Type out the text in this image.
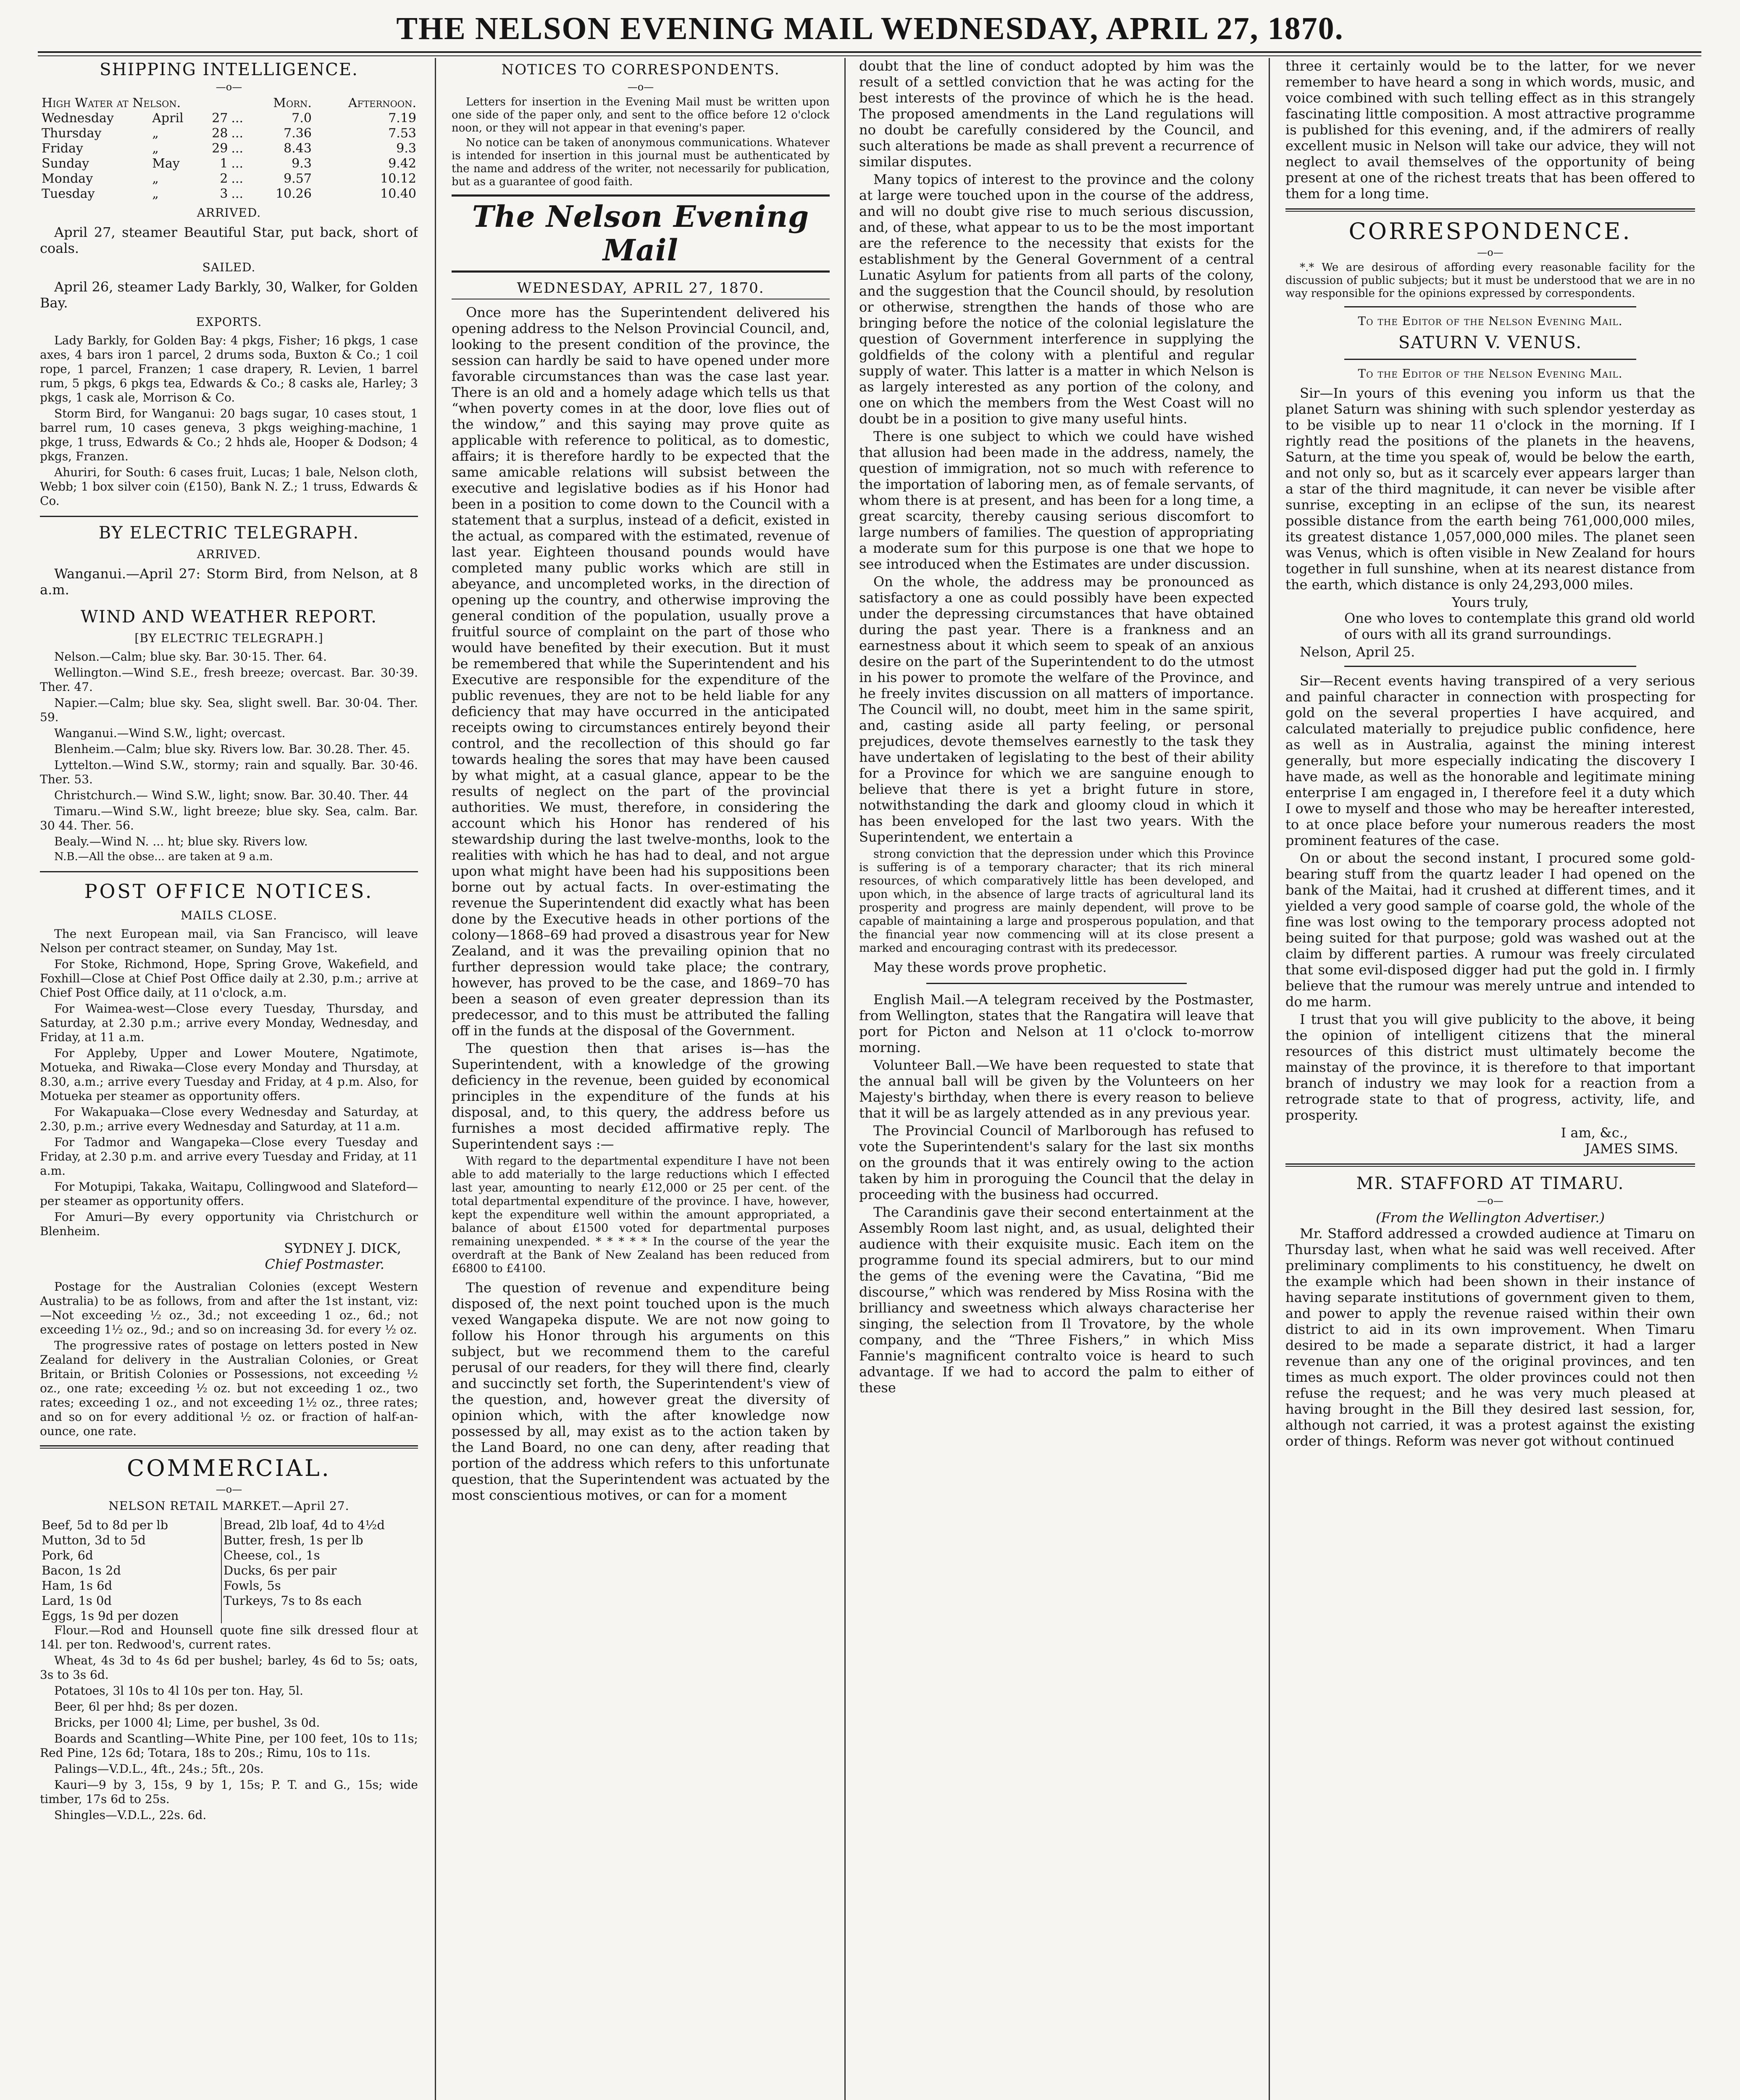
THE NELSON EVENING MAIL WEDNESDAY, APRIL 27, 1870.
SHIPPING INTELLIGENCE.
—o—
High Water at Nelson.				Morn.	Afternoon.
Wednesday	April	27	...	7.0	7.19
Thursday	„	28	...	7.36	7.53
Friday	„	29	...	8.43	9.3
Sunday	May	1	...	9.3	9.42
Monday	„	2	...	9.57	10.12
Tuesday	„	3	...	10.26	10.40
ARRIVED.

April 27, steamer Beautiful Star, put back, short of coals.

SAILED.

April 26, steamer Lady Barkly, 30, Walker, for Golden Bay.

EXPORTS.

Lady Barkly, for Golden Bay: 4 pkgs, Fisher; 16 pkgs, 1 case axes, 4 bars iron 1 parcel, 2 drums soda, Buxton & Co.; 1 coil rope, 1 parcel, Franzen; 1 case drapery, R. Levien, 1 barrel rum, 5 pkgs, 6 pkgs tea, Edwards & Co.; 8 casks ale, Harley; 3 pkgs, 1 cask ale, Morrison & Co.

Storm Bird, for Wanganui: 20 bags sugar, 10 cases stout, 1 barrel rum, 10 cases geneva, 3 pkgs weighing-machine, 1 pkge, 1 truss, Edwards & Co.; 2 hhds ale, Hooper & Dodson; 4 pkgs, Franzen.

Ahuriri, for South: 6 cases fruit, Lucas; 1 bale, Nelson cloth, Webb; 1 box silver coin (£150), Bank N. Z.; 1 truss, Edwards & Co.

BY ELECTRIC TELEGRAPH.
ARRIVED.

Wanganui.—April 27: Storm Bird, from Nelson, at 8 a.m.

WIND AND WEATHER REPORT.
[BY ELECTRIC TELEGRAPH.]

Nelson.—Calm; blue sky. Bar. 30·15. Ther. 64.

Wellington.—Wind S.E., fresh breeze; overcast. Bar. 30·39. Ther. 47.

Napier.—Calm; blue sky. Sea, slight swell. Bar. 30·04. Ther. 59.

Wanganui.—Wind S.W., light; overcast.

Blenheim.—Calm; blue sky. Rivers low. Bar. 30.28. Ther. 45.

Lyttelton.—Wind S.W., stormy; rain and squally. Bar. 30·46. Ther. 53.

Christchurch.— Wind S.W., light; snow. Bar. 30.40. Ther. 44

Timaru.—Wind S.W., light breeze; blue sky. Sea, calm. Bar. 30 44. Ther. 56.

Bealy.—Wind N. ... ht; blue sky. Rivers low.

N.B.—All the obse... are taken at 9 a.m.

POST OFFICE NOTICES.
MAILS CLOSE.

The next European mail, via San Francisco, will leave Nelson per contract steamer, on Sunday, May 1st.

For Stoke, Richmond, Hope, Spring Grove, Wakefield, and Foxhill—Close at Chief Post Office daily at 2.30, p.m.; arrive at Chief Post Office daily, at 11 o'clock, a.m.

For Waimea-west—Close every Tuesday, Thursday, and Saturday, at 2.30 p.m.; arrive every Monday, Wednesday, and Friday, at 11 a.m.

For Appleby, Upper and Lower Moutere, Ngatimote, Motueka, and Riwaka—Close every Monday and Thursday, at 8.30, a.m.; arrive every Tuesday and Friday, at 4 p.m. Also, for Motueka per steamer as opportunity offers.

For Wakapuaka—Close every Wednesday and Saturday, at 2.30, p.m.; arrive every Wednesday and Saturday, at 11 a.m.

For Tadmor and Wangapeka—Close every Tuesday and Friday, at 2.30 p.m. and arrive every Tuesday and Friday, at 11 a.m.

For Motupipi, Takaka, Waitapu, Collingwood and Slateford—per steamer as opportunity offers.

For Amuri—By every opportunity via Christchurch or Blenheim.

SYDNEY J. DICK,
Chief Postmaster.

Postage for the Australian Colonies (except Western Australia) to be as follows, from and after the 1st instant, viz:—Not exceeding ½ oz., 3d.; not exceeding 1 oz., 6d.; not exceeding 1½ oz., 9d.; and so on increasing 3d. for every ½ oz.

The progressive rates of postage on letters posted in New Zealand for delivery in the Australian Colonies, or Great Britain, or British Colonies or Possessions, not exceeding ½ oz., one rate; exceeding ½ oz. but not exceeding 1 oz., two rates; exceeding 1 oz., and not exceeding 1½ oz., three rates; and so on for every additional ½ oz. or fraction of half-an-ounce, one rate.

COMMERCIAL.
—o—
NELSON RETAIL MARKET.—April 27.
Beef, 5d to 8d per lb	Bread, 2lb loaf, 4d to 4½d
Mutton, 3d to 5d	Butter, fresh, 1s per lb
Pork, 6d	Cheese, col., 1s
Bacon, 1s 2d	Ducks, 6s per pair
Ham, 1s 6d	Fowls, 5s
Lard, 1s 0d	Turkeys, 7s to 8s each
Eggs, 1s 9d per dozen	

Flour.—Rod and Hounsell quote fine silk dressed flour at 14l. per ton. Redwood's, current rates.

Wheat, 4s 3d to 4s 6d per bushel; barley, 4s 6d to 5s; oats, 3s to 3s 6d.

Potatoes, 3l 10s to 4l 10s per ton. Hay, 5l.

Beer, 6l per hhd; 8s per dozen.

Bricks, per 1000 4l; Lime, per bushel, 3s 0d.

Boards and Scantling—White Pine, per 100 feet, 10s to 11s; Red Pine, 12s 6d; Totara, 18s to 20s.; Rimu, 10s to 11s.

Palings—V.D.L., 4ft., 24s.; 5ft., 20s.

Kauri—9 by 3, 15s, 9 by 1, 15s; P. T. and G., 15s; wide timber, 17s 6d to 25s.

Shingles—V.D.L., 22s. 6d.

NOTICES TO CORRESPONDENTS.
—o—

Letters for insertion in the Evening Mail must be written upon one side of the paper only, and sent to the office before 12 o'clock noon, or they will not appear in that evening's paper.

No notice can be taken of anonymous communications. Whatever is intended for insertion in this journal must be authenticated by the name and address of the writer, not necessarily for publication, but as a guarantee of good faith.

The Nelson Evening Mail
WEDNESDAY, APRIL 27, 1870.

Once more has the Superintendent delivered his opening address to the Nelson Provincial Council, and, looking to the present condition of the province, the session can hardly be said to have opened under more favorable circumstances than was the case last year. There is an old and a homely adage which tells us that “when poverty comes in at the door, love flies out of the window,” and this saying may prove quite as applicable with reference to political, as to domestic, affairs; it is therefore hardly to be expected that the same amicable relations will subsist between the executive and legislative bodies as if his Honor had been in a position to come down to the Council with a statement that a surplus, instead of a deficit, existed in the actual, as compared with the estimated, revenue of last year. Eighteen thousand pounds would have completed many public works which are still in abeyance, and uncompleted works, in the direction of opening up the country, and otherwise improving the general condition of the population, usually prove a fruitful source of complaint on the part of those who would have benefited by their execution. But it must be remembered that while the Superintendent and his Executive are responsible for the expenditure of the public revenues, they are not to be held liable for any deficiency that may have occurred in the anticipated receipts owing to circumstances entirely beyond their control, and the recollection of this should go far towards healing the sores that may have been caused by what might, at a casual glance, appear to be the results of neglect on the part of the provincial authorities. We must, therefore, in considering the account which his Honor has rendered of his stewardship during the last twelve-months, look to the realities with which he has had to deal, and not argue upon what might have been had his suppositions been borne out by actual facts. In over-estimating the revenue the Superintendent did exactly what has been done by the Executive heads in other portions of the colony—1868–69 had proved a disastrous year for New Zealand, and it was the prevailing opinion that no further depression would take place; the contrary, however, has proved to be the case, and 1869–70 has been a season of even greater depression than its predecessor, and to this must be attributed the falling off in the funds at the disposal of the Government.

The question then that arises is—has the Superintendent, with a knowledge of the growing deficiency in the revenue, been guided by economical principles in the expenditure of the funds at his disposal, and, to this query, the address before us furnishes a most decided affirmative reply. The Superintendent says :—

With regard to the departmental expenditure I have not been able to add materially to the large reductions which I effected last year, amounting to nearly £12,000 or 25 per cent. of the total departmental expenditure of the province. I have, however, kept the expenditure well within the amount appropriated, a balance of about £1500 voted for departmental purposes remaining unexpended. * * * * * In the course of the year the overdraft at the Bank of New Zealand has been reduced from £6800 to £4100.

The question of revenue and expenditure being disposed of, the next point touched upon is the much vexed Wangapeka dispute. We are not now going to follow his Honor through his arguments on this subject, but we recommend them to the careful perusal of our readers, for they will there find, clearly and succinctly set forth, the Superintendent's view of the question, and, however great the diversity of opinion which, with the after knowledge now possessed by all, may exist as to the action taken by the Land Board, no one can deny, after reading that portion of the address which refers to this unfortunate question, that the Superintendent was actuated by the most conscientious motives, or can for a moment

doubt that the line of conduct adopted by him was the result of a settled conviction that he was acting for the best interests of the province of which he is the head. The proposed amendments in the Land regulations will no doubt be carefully considered by the Council, and such alterations be made as shall prevent a recurrence of similar disputes.

Many topics of interest to the province and the colony at large were touched upon in the course of the address, and will no doubt give rise to much serious discussion, and, of these, what appear to us to be the most important are the reference to the necessity that exists for the establishment by the General Government of a central Lunatic Asylum for patients from all parts of the colony, and the suggestion that the Council should, by resolution or otherwise, strengthen the hands of those who are bringing before the notice of the colonial legislature the question of Government interference in supplying the goldfields of the colony with a plentiful and regular supply of water. This latter is a matter in which Nelson is as largely interested as any portion of the colony, and one on which the members from the West Coast will no doubt be in a position to give many useful hints.

There is one subject to which we could have wished that allusion had been made in the address, namely, the question of immigration, not so much with reference to the importation of laboring men, as of female servants, of whom there is at present, and has been for a long time, a great scarcity, thereby causing serious discomfort to large numbers of families. The question of appropriating a moderate sum for this purpose is one that we hope to see introduced when the Estimates are under discussion.

On the whole, the address may be pronounced as satisfactory a one as could possibly have been expected under the depressing circumstances that have obtained during the past year. There is a frankness and an earnestness about it which seem to speak of an anxious desire on the part of the Superintendent to do the utmost in his power to promote the welfare of the Province, and he freely invites discussion on all matters of importance. The Council will, no doubt, meet him in the same spirit, and, casting aside all party feeling, or personal prejudices, devote themselves earnestly to the task they have undertaken of legislating to the best of their ability for a Province for which we are sanguine enough to believe that there is yet a bright future in store, notwithstanding the dark and gloomy cloud in which it has been enveloped for the last two years. With the Superintendent, we entertain a

strong conviction that the depression under which this Province is suffering is of a temporary character; that its rich mineral resources, of which comparatively little has been developed, and upon which, in the absence of large tracts of agricultural land its prosperity and progress are mainly dependent, will prove to be capable of maintaining a large and prosperous population, and that the financial year now commencing will at its close present a marked and encouraging contrast with its predecessor.

May these words prove prophetic.

English Mail.—A telegram received by the Postmaster, from Wellington, states that the Rangatira will leave that port for Picton and Nelson at 11 o'clock to-morrow morning.

Volunteer Ball.—We have been requested to state that the annual ball will be given by the Volunteers on her Majesty's birthday, when there is every reason to believe that it will be as largely attended as in any previous year.

The Provincial Council of Marlborough has refused to vote the Superintendent's salary for the last six months on the grounds that it was entirely owing to the action taken by him in proroguing the Council that the delay in proceeding with the business had occurred.

The Carandinis gave their second entertainment at the Assembly Room last night, and, as usual, delighted their audience with their exquisite music. Each item on the programme found its special admirers, but to our mind the gems of the evening were the Cavatina, “Bid me discourse,” which was rendered by Miss Rosina with the brilliancy and sweetness which always characterise her singing, the selection from Il Trovatore, by the whole company, and the “Three Fishers,” in which Miss Fannie's magnificent contralto voice is heard to such advantage. If we had to accord the palm to either of these

three it certainly would be to the latter, for we never remember to have heard a song in which words, music, and voice combined with such telling effect as in this strangely fascinating little composition. A most attractive programme is published for this evening, and, if the admirers of really excellent music in Nelson will take our advice, they will not neglect to avail themselves of the opportunity of being present at one of the richest treats that has been offered to them for a long time.

CORRESPONDENCE.
—o—

*.* We are desirous of affording every reasonable facility for the discussion of public subjects; but it must be understood that we are in no way responsible for the opinions expressed by correspondents.

To the Editor of the Nelson Evening Mail.
SATURN V. VENUS.
To the Editor of the Nelson Evening Mail.

Sir—In yours of this evening you inform us that the planet Saturn was shining with such splendor yesterday as to be visible up to near 11 o'clock in the morning. If I rightly read the positions of the planets in the heavens, Saturn, at the time you speak of, would be below the earth, and not only so, but as it scarcely ever appears larger than a star of the third magnitude, it can never be visible after sunrise, excepting in an eclipse of the sun, its nearest possible distance from the earth being 761,000,000 miles, its greatest distance 1,057,000,000 miles. The planet seen was Venus, which is often visible in New Zealand for hours together in full sunshine, when at its nearest distance from the earth, which distance is only 24,293,000 miles.

Yours truly,

One who loves to contemplate this grand old world of ours with all its grand surroundings.

Nelson, April 25.

Sir—Recent events having transpired of a very serious and painful character in connection with prospecting for gold on the several properties I have acquired, and calculated materially to prejudice public confidence, here as well as in Australia, against the mining interest generally, but more especially indicating the discovery I have made, as well as the honorable and legitimate mining enterprise I am engaged in, I therefore feel it a duty which I owe to myself and those who may be hereafter interested, to at once place before your numerous readers the most prominent features of the case.

On or about the second instant, I procured some gold-bearing stuff from the quartz leader I had opened on the bank of the Maitai, had it crushed at different times, and it yielded a very good sample of coarse gold, the whole of the fine was lost owing to the temporary process adopted not being suited for that purpose; gold was washed out at the claim by different parties. A rumour was freely circulated that some evil-disposed digger had put the gold in. I firmly believe that the rumour was merely untrue and intended to do me harm.

I trust that you will give publicity to the above, it being the opinion of intelligent citizens that the mineral resources of this district must ultimately become the mainstay of the province, it is therefore to that important branch of industry we may look for a reaction from a retrograde state to that of progress, activity, life, and prosperity.

I am, &c.,
JAMES SIMS.
MR. STAFFORD AT TIMARU.
—o—
(From the Wellington Advertiser.)

Mr. Stafford addressed a crowded audience at Timaru on Thursday last, when what he said was well received. After preliminary compliments to his constituency, he dwelt on the example which had been shown in their instance of having separate institutions of government given to them, and power to apply the revenue raised within their own district to aid in its own improvement. When Timaru desired to be made a separate district, it had a larger revenue than any one of the original provinces, and ten times as much export. The older provinces could not then refuse the request; and he was very much pleased at having brought in the Bill they desired last session, for, although not carried, it was a protest against the existing order of things. Reform was never got without continued
